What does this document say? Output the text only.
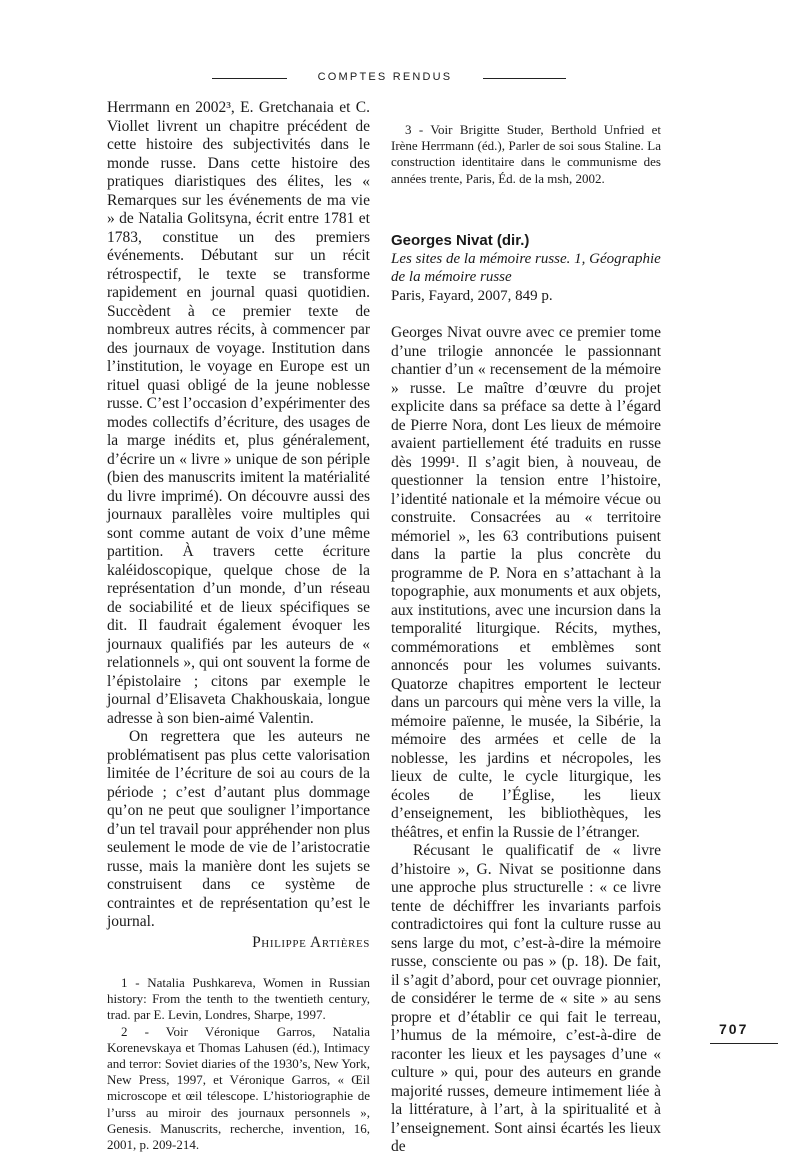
COMPTES RENDUS

Herrmann en 2002³, E. Gretchanaia et C. Viollet livrent un chapitre précédent de cette histoire des subjectivités dans le monde russe. Dans cette histoire des pratiques diaristiques des élites, les « Remarques sur les événements de ma vie » de Natalia Golitsyna, écrit entre 1781 et 1783, constitue un des premiers événements. Débutant sur un récit rétrospectif, le texte se transforme rapidement en journal quasi quotidien. Succèdent à ce premier texte de nombreux autres récits, à commencer par des journaux de voyage. Institution dans l’institution, le voyage en Europe est un rituel quasi obligé de la jeune noblesse russe. C’est l’occasion d’expérimenter des modes collectifs d’écriture, des usages de la marge inédits et, plus généralement, d’écrire un « livre » unique de son périple (bien des manuscrits imitent la matérialité du livre imprimé). On découvre aussi des journaux parallèles voire multiples qui sont comme autant de voix d’une même partition. À travers cette écriture kaléidoscopique, quelque chose de la représentation d’un monde, d’un réseau de sociabilité et de lieux spécifiques se dit. Il faudrait également évoquer les journaux qualifiés par les auteurs de « relationnels », qui ont souvent la forme de l’épistolaire ; citons par exemple le journal d’Elisaveta Chakhouskaia, longue adresse à son bien-aimé Valentin.

On regrettera que les auteurs ne problématisent pas plus cette valorisation limitée de l’écriture de soi au cours de la période ; c’est d’autant plus dommage qu’on ne peut que souligner l’importance d’un tel travail pour appréhender non plus seulement le mode de vie de l’aristocratie russe, mais la manière dont les sujets se construisent dans ce système de contraintes et de représentation qu’est le journal.

Philippe Artières

1 - Natalia Pushkareva, Women in Russian history: From the tenth to the twentieth century, trad. par E. Levin, Londres, Sharpe, 1997.

2 - Voir Véronique Garros, Natalia Korenevskaya et Thomas Lahusen (éd.), Intimacy and terror: Soviet diaries of the 1930’s, New York, New Press, 1997, et Véronique Garros, « Œil microscope et œil télescope. L’historiographie de l’urss au miroir des journaux personnels », Genesis. Manuscrits, recherche, invention, 16, 2001, p. 209-214.

3 - Voir Brigitte Studer, Berthold Unfried et Irène Herrmann (éd.), Parler de soi sous Staline. La construction identitaire dans le communisme des années trente, Paris, Éd. de la msh, 2002.

Georges Nivat (dir.)

Les sites de la mémoire russe. 1, Géographie de la mémoire russe

Paris, Fayard, 2007, 849 p.

Georges Nivat ouvre avec ce premier tome d’une trilogie annoncée le passionnant chantier d’un « recensement de la mémoire » russe. Le maître d’œuvre du projet explicite dans sa préface sa dette à l’égard de Pierre Nora, dont Les lieux de mémoire avaient partiellement été traduits en russe dès 1999¹. Il s’agit bien, à nouveau, de questionner la tension entre l’histoire, l’identité nationale et la mémoire vécue ou construite. Consacrées au « territoire mémoriel », les 63 contributions puisent dans la partie la plus concrète du programme de P. Nora en s’attachant à la topographie, aux monuments et aux objets, aux institutions, avec une incursion dans la temporalité liturgique. Récits, mythes, commémorations et emblèmes sont annoncés pour les volumes suivants. Quatorze chapitres emportent le lecteur dans un parcours qui mène vers la ville, la mémoire païenne, le musée, la Sibérie, la mémoire des armées et celle de la noblesse, les jardins et nécropoles, les lieux de culte, le cycle liturgique, les écoles de l’Église, les lieux d’enseignement, les bibliothèques, les théâtres, et enfin la Russie de l’étranger.

Récusant le qualificatif de « livre d’histoire », G. Nivat se positionne dans une approche plus structurelle : « ce livre tente de déchiffrer les invariants parfois contradictoires qui font la culture russe au sens large du mot, c’est-à-dire la mémoire russe, consciente ou pas » (p. 18). De fait, il s’agit d’abord, pour cet ouvrage pionnier, de considérer le terme de « site » au sens propre et d’établir ce qui fait le terreau, l’humus de la mémoire, c’est-à-dire de raconter les lieux et les paysages d’une « culture » qui, pour des auteurs en grande majorité russes, demeure intimement liée à la littérature, à l’art, à la spiritualité et à l’enseignement. Sont ainsi écartés les lieux de

707
